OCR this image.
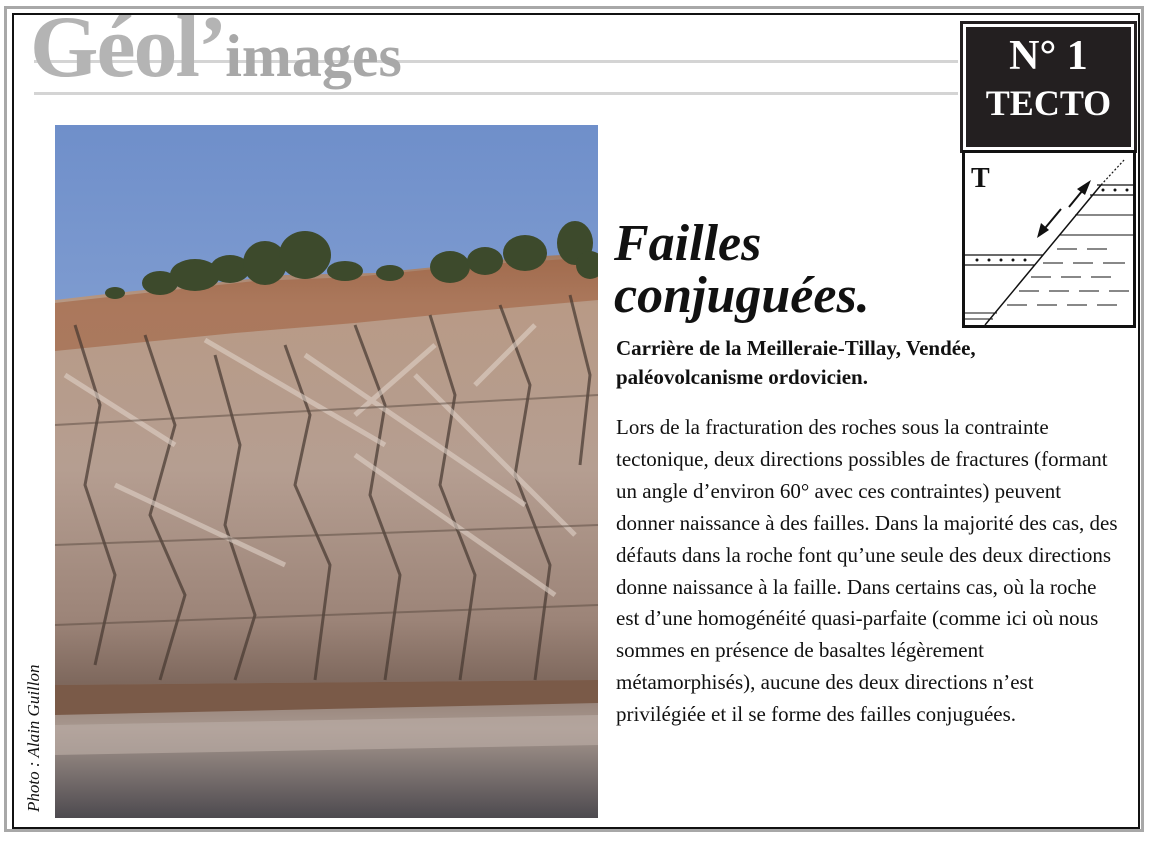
Géol’images	N° 1
TECTO
T
Photo : Alain Guillon
Failles
conjuguées.
Carrière de la Meilleraie-Tillay, Vendée, paléovolcanisme ordovicien.
Lors de la fracturation des roches sous la contrainte tectonique, deux directions possibles de fractures (formant un angle d’environ 60° avec ces contraintes) peuvent donner naissance à des failles. Dans la majorité des cas, des défauts dans la roche font qu’une seule des deux directions donne naissance à la faille. Dans certains cas, où la roche est d’une homogénéité quasi-parfaite (comme ici où nous sommes en présence de basaltes légèrement métamorphisés), aucune des deux directions n’est privilégiée et il se forme des failles conjuguées.
